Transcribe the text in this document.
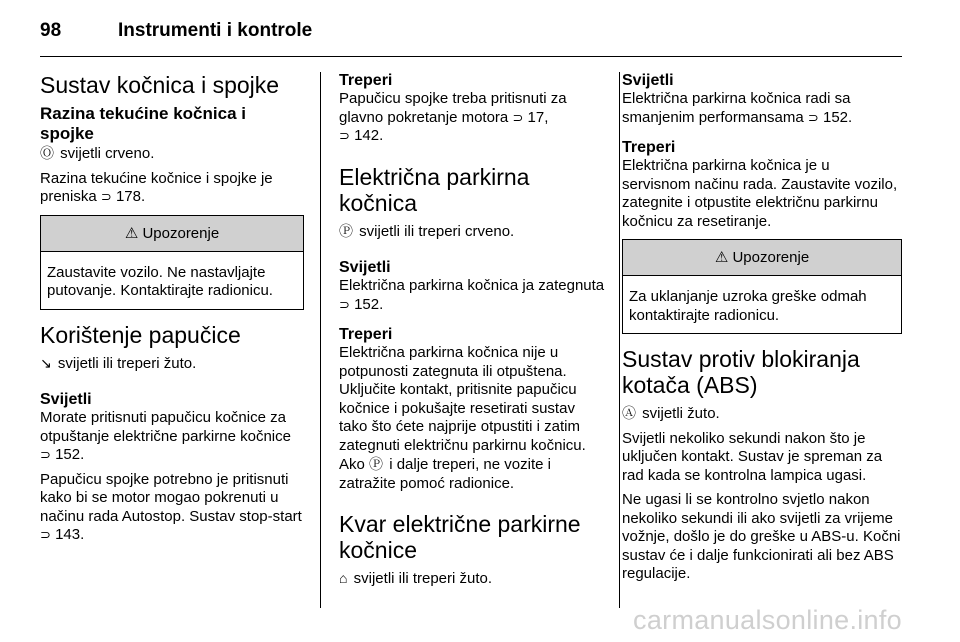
98	Instrumenti i kontrole
Sustav kočnica i spojke
Razina tekućine kočnica i spojke

Ⓞ svijetli crveno.

Razina tekućine kočnice i spojke je preniska ⊃ 178.

⚠ Upozorenje
Zaustavite vozilo. Ne nastavljajte putovanje. Kontaktirajte radionicu.
Korištenje papučice

↘ svijetli ili treperi žuto.

Svijetli

Morate pritisnuti papučicu kočnice za otpuštanje električne parkirne kočnice ⊃ 152.

Papučicu spojke potrebno je pritisnuti kako bi se motor mogao pokrenuti u načinu rada Autostop. Sustav stop-start ⊃ 143.

Treperi

Papučicu spojke treba pritisnuti za glavno pokretanje motora ⊃ 17,
⊃ 142.

Električna parkirna kočnica

Ⓟ svijetli ili treperi crveno.

Svijetli

Električna parkirna kočnica ja zategnuta ⊃ 152.

Treperi

Električna parkirna kočnica nije u potpunosti zategnuta ili otpuštena. Uključite kontakt, pritisnite papučicu kočnice i pokušajte resetirati sustav tako što ćete najprije otpustiti i zatim zategnuti električnu parkirnu kočnicu. Ako Ⓟ i dalje treperi, ne vozite i zatražite pomoć radionice.

Kvar električne parkirne kočnice

⌂ svijetli ili treperi žuto.

Svijetli

Električna parkirna kočnica radi sa smanjenim performansama ⊃ 152.

Treperi

Električna parkirna kočnica je u servisnom načinu rada. Zaustavite vozilo, zategnite i otpustite električnu parkirnu kočnicu za resetiranje.

⚠ Upozorenje
Za uklanjanje uzroka greške odmah kontaktirajte radionicu.
Sustav protiv blokiranja kotača (ABS)

Ⓐ svijetli žuto.

Svijetli nekoliko sekundi nakon što je uključen kontakt. Sustav je spreman za rad kada se kontrolna lampica ugasi.

Ne ugasi li se kontrolno svjetlo nakon nekoliko sekundi ili ako svijetli za vrijeme vožnje, došlo je do greške u ABS-u. Kočni sustav će i dalje funkcionirati ali bez ABS regulacije.

carmanualsonline.info
